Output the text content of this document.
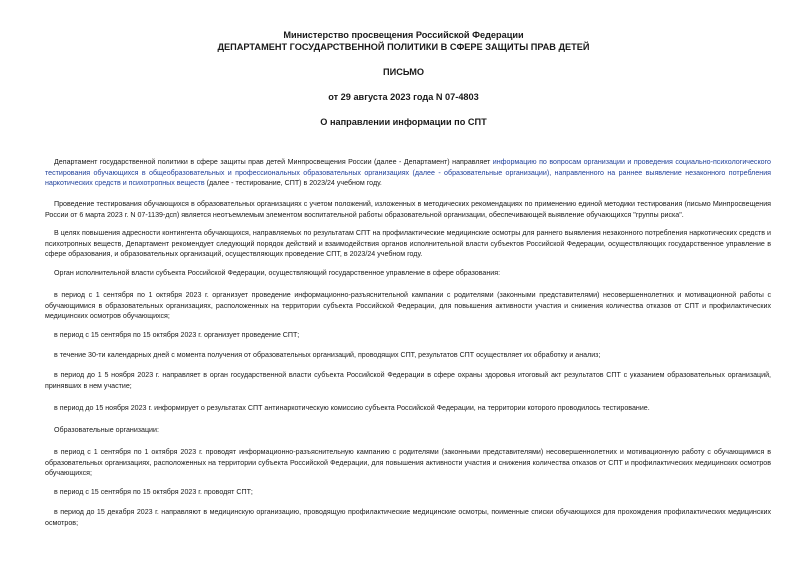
Министерство просвещения Российской Федерации
ДЕПАРТАМЕНТ ГОСУДАРСТВЕННОЙ ПОЛИТИКИ В СФЕРЕ ЗАЩИТЫ ПРАВ ДЕТЕЙ
ПИСЬМО
от 29 августа 2023 года N 07-4803
О направлении информации по СПТ

Департамент государственной политики в сфере защиты прав детей Минпросвещения России (далее - Департамент) направляет информацию по вопросам организации и проведения социально-психологического тестирования обучающихся в общеобразовательных и профессиональных образовательных организациях (далее - образовательные организации), направленного на раннее выявление незаконного потребления наркотических средств и психотропных веществ (далее - тестирование, СПТ) в 2023/24 учебном году.

Проведение тестирования обучающихся в образовательных организациях с учетом положений, изложенных в методических рекомендациях по применению единой методики тестирования (письмо Минпросвещения России от 6 марта 2023 г. N 07-1139-дсп) является неотъемлемым элементом воспитательной работы образовательной организации, обеспечивающей выявление обучающихся "группы риска".

В целях повышения адресности контингента обучающихся, направляемых по результатам СПТ на профилактические медицинские осмотры для раннего выявления незаконного потребления наркотических средств и психотропных веществ, Департамент рекомендует следующий порядок действий и взаимодействия органов исполнительной власти субъектов Российской Федерации, осуществляющих государственное управление в сфере образования, и образовательных организаций, осуществляющих проведение СПТ, в 2023/24 учебном году.

Орган исполнительной власти субъекта Российской Федерации, осуществляющий государственное управление в сфере образования:

в период с 1 сентября по 1 октября 2023 г. организует проведение информационно-разъяснительной кампании с родителями (законными представителями) несовершеннолетних и мотивационной работы с обучающимися в образовательных организациях, расположенных на территории субъекта Российской Федерации, для повышения активности участия и снижения количества отказов от СПТ и профилактических медицинских осмотров обучающихся;

в период с 15 сентября по 15 октября 2023 г. организует проведение СПТ;

в течение 30-ти календарных дней с момента получения от образовательных организаций, проводящих СПТ, результатов СПТ осуществляет их обработку и анализ;

в период до 1 5 ноября 2023 г. направляет в орган государственной власти субъекта Российской Федерации в сфере охраны здоровья итоговый акт результатов СПТ с указанием образовательных организаций, принявших в нем участие;

в период до 15 ноября 2023 г. информирует о результатах СПТ антинаркотическую комиссию субъекта Российской Федерации, на территории которого проводилось тестирование.

Образовательные организации:

в период с 1 сентября по 1 октября 2023 г. проводят информационно-разъяснительную кампанию с родителями (законными представителями) несовершеннолетних и мотивационную работу с обучающимися в образовательных организациях, расположенных на территории субъекта Российской Федерации, для повышения активности участия и снижения количества отказов от СПТ и профилактических медицинских осмотров обучающихся;

в период с 15 сентября по 15 октября 2023 г. проводят СПТ;

в период до 15 декабря 2023 г. направляют в медицинскую организацию, проводящую профилактические медицинские осмотры, поименные списки обучающихся для прохождения профилактических медицинских осмотров;
